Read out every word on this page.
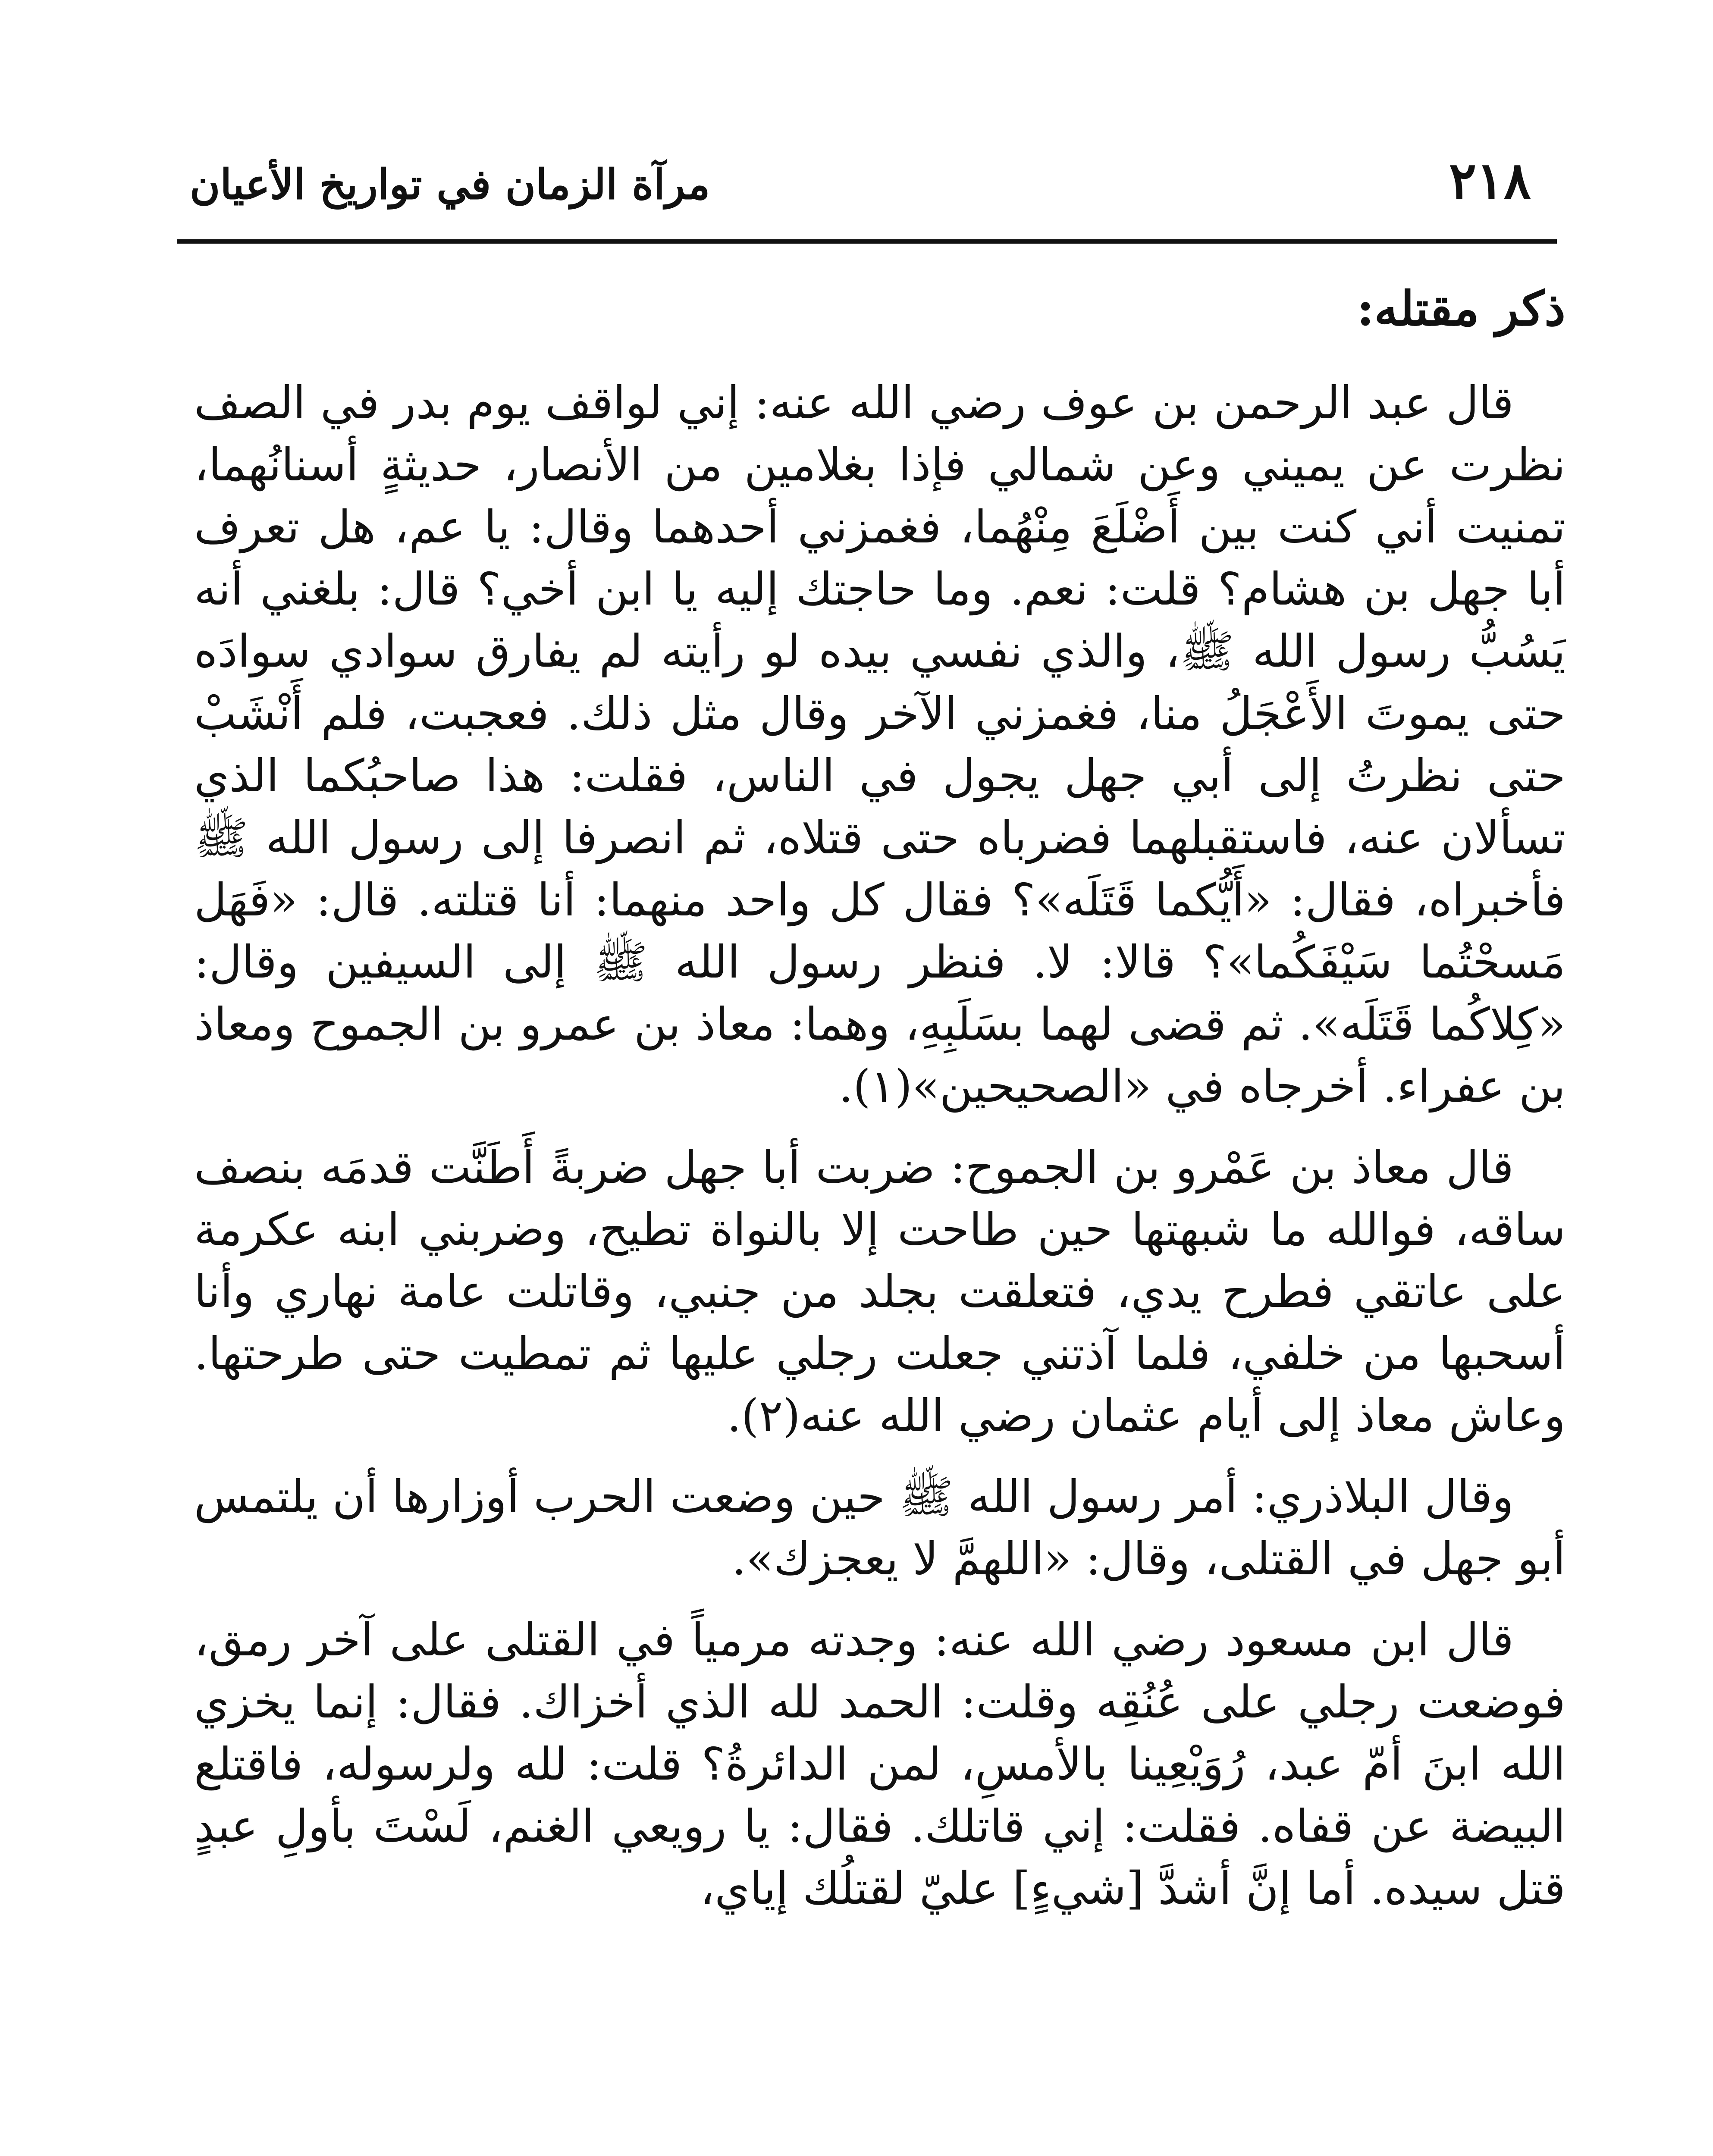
٢١٨
مرآة الزمان في تواريخ الأعيان
ذكر مقتله:

قال عبد الرحمن بن عوف رضي الله عنه: إني لواقف يوم بدر في الصف نظرت عن يميني وعن شمالي فإذا بغلامين من الأنصار، حديثةٍ أسنانُهما، تمنيت أني كنت بين أَضْلَعَ مِنْهُما، فغمزني أحدهما وقال: يا عم، هل تعرف أبا جهل بن هشام؟ قلت: نعم. وما حاجتك إليه يا ابن أخي؟ قال: بلغني أنه يَسُبُّ رسول الله ﷺ، والذي نفسي بيده لو رأيته لم يفارق سوادي سوادَه حتى يموتَ الأَعْجَلُ منا، فغمزني الآخر وقال مثل ذلك. فعجبت، فلم أَنْشَبْ حتى نظرتُ إلى أبي جهل يجول في الناس، فقلت: هذا صاحبُكما الذي تسألان عنه، فاستقبلهما فضرباه حتى قتلاه، ثم انصرفا إلى رسول الله ﷺ فأخبراه، فقال: «أَيُّكما قَتَلَه»؟ فقال كل واحد منهما: أنا قتلته. قال: «فَهَل مَسحْتُما سَيْفَكُما»؟ قالا: لا. فنظر رسول الله ﷺ إلى السيفين وقال: «كِلاكُما قَتَلَه». ثم قضى لهما بسَلَبِهِ، وهما: معاذ بن عمرو بن الجموح ومعاذ بن عفراء. أخرجاه في «الصحيحين»(١).

قال معاذ بن عَمْرو بن الجموح: ضربت أبا جهل ضربةً أَطَنَّت قدمَه بنصف ساقه، فوالله ما شبهتها حين طاحت إلا بالنواة تطيح، وضربني ابنه عكرمة على عاتقي فطرح يدي، فتعلقت بجلد من جنبي، وقاتلت عامة نهاري وأنا أسحبها من خلفي، فلما آذتني جعلت رجلي عليها ثم تمطيت حتى طرحتها. وعاش معاذ إلى أيام عثمان رضي الله عنه(٢).

وقال البلاذري: أمر رسول الله ﷺ حين وضعت الحرب أوزارها أن يلتمس أبو جهل في القتلى، وقال: «اللهمَّ لا يعجزك».

قال ابن مسعود رضي الله عنه: وجدته مرمياً في القتلى على آخر رمق، فوضعت رجلي على عُنُقِه وقلت: الحمد لله الذي أخزاك. فقال: إنما يخزي الله ابنَ أمّ عبد، رُوَيْعِينا بالأمسِ، لمن الدائرةُ؟ قلت: لله ولرسوله، فاقتلع البيضة عن قفاه. فقلت: إني قاتلك. فقال: يا رويعي الغنم، لَسْتَ بأولِ عبدٍ قتل سيده. أما إنَّ أشدَّ [شيءٍ] عليّ لقتلُك إياي،
